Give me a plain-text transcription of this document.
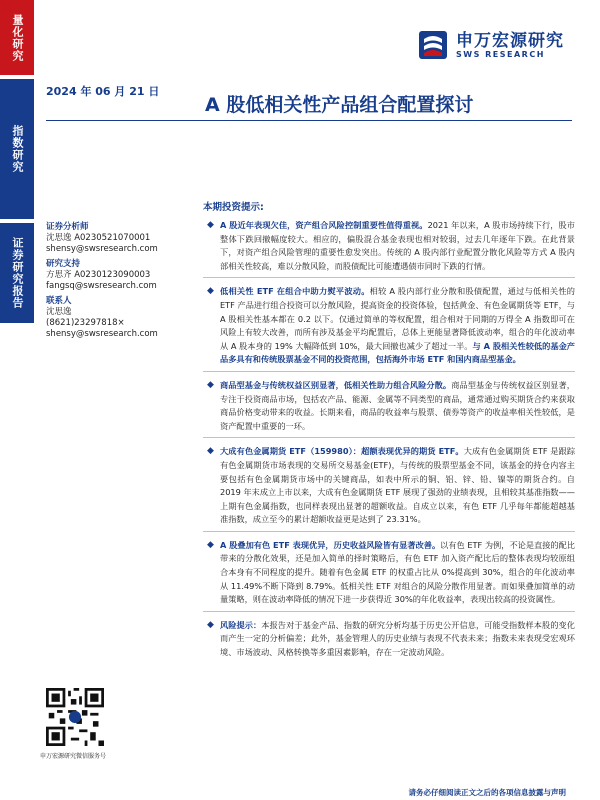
量化研究
指数研究
证券研究报告
申万宏源研究
SWS RESEARCH
2024 年 06 月 21 日
A 股低相关性产品组合配置探讨
证券分析师
沈思逸 A0230521070001
shensy@swsresearch.com
研究支持
方思齐 A0230123090003
fangsq@swsresearch.com
联系人
沈思逸
(8621)23297818×
shensy@swsresearch.com
申万宏源研究微信服务号
本期投资提示:
◆ A 股近年表现欠佳，资产组合风险控制重要性值得重视。2021 年以来，A 股市场持续下行，股市整体下跌回撤幅度较大。相应的，偏股混合基金表现也相对较弱，过去几年逐年下跌。在此背景下，对资产组合风险管理的重要性愈发突出。传统的 A 股内部行业配置分散化风险等方式 A 股内部相关性较高，难以分散风险，而股债配比可能遭遇债市同时下跌的行情。
◆ 低相关性 ETF 在组合中助力熨平波动。相较 A 股内部行业分散和股债配置，通过与低相关性的 ETF 产品进行组合投资可以分散风险，提高资金的投资体验，包括黄金、有色金属期货等 ETF，与 A 股相关性基本都在 0.2 以下。仅通过简单的等权配置，组合相对于同期的万得全 A 指数即可在风险上有较大改善，而所有涉及基金平均配置后，总体上更能显著降低波动率，组合的年化波动率从 A 股本身的 19% 大幅降低到 10%，最大回撤也减少了超过一半。与 A 股相关性较低的基金产品多具有和传统股票基金不同的投资范围，包括海外市场 ETF 和国内商品型基金。
◆ 商品型基金与传统权益区别显著，低相关性助力组合风险分散。商品型基金与传统权益区别显著，专注于投资商品市场，包括农产品、能源、金属等不同类型的商品，通常通过购买期货合约来获取商品价格变动带来的收益。长期来看，商品的收益率与股票、债券等资产的收益率相关性较低，是资产配置中重要的一环。
◆ 大成有色金属期货 ETF（159980）：超额表现优异的期货 ETF。大成有色金属期货 ETF 是跟踪有色金属期货市场表现的交易所交易基金(ETF)，与传统的股票型基金不同，该基金的持仓内容主要包括有色金属期货市场中的关键商品，如表中所示的铜、铝、锌、铅、镍等的期货合约。自 2019 年末成立上市以来，大成有色金属期货 ETF 展现了强劲的业绩表现，且相较其基准指数——上期有色金属指数，也同样表现出显著的超额收益。自成立以来，有色 ETF 几乎每年都能超越基准指数，成立至今的累计超额收益更是达到了 23.31%。
◆ A 股叠加有色 ETF 表现优异，历史收益风险皆有显著改善。以有色 ETF 为例，不论是直接的配比带来的分散化效果，还是加入简单的择时策略后，有色 ETF 加入资产配比后的整体表现均较原组合本身有不同程度的提升。随着有色金属 ETF 的权重占比从 0%提高到 30%，组合的年化波动率从 11.49%不断下降到 8.79%。低相关性 ETF 对组合的风险分散作用显著。而如果叠加简单的动量策略，则在波动率降低的情况下进一步获得近 30%的年化收益率，表现出较高的投资属性。
◆ 风险提示：本报告对于基金产品、指数的研究分析均基于历史公开信息，可能受指数样本股的变化而产生一定的分析偏差；此外，基金管理人的历史业绩与表现不代表未来；指数未来表现受宏观环境、市场波动、风格转换等多重因素影响，存在一定波动风险。
请务必仔细阅读正文之后的各项信息披露与声明
